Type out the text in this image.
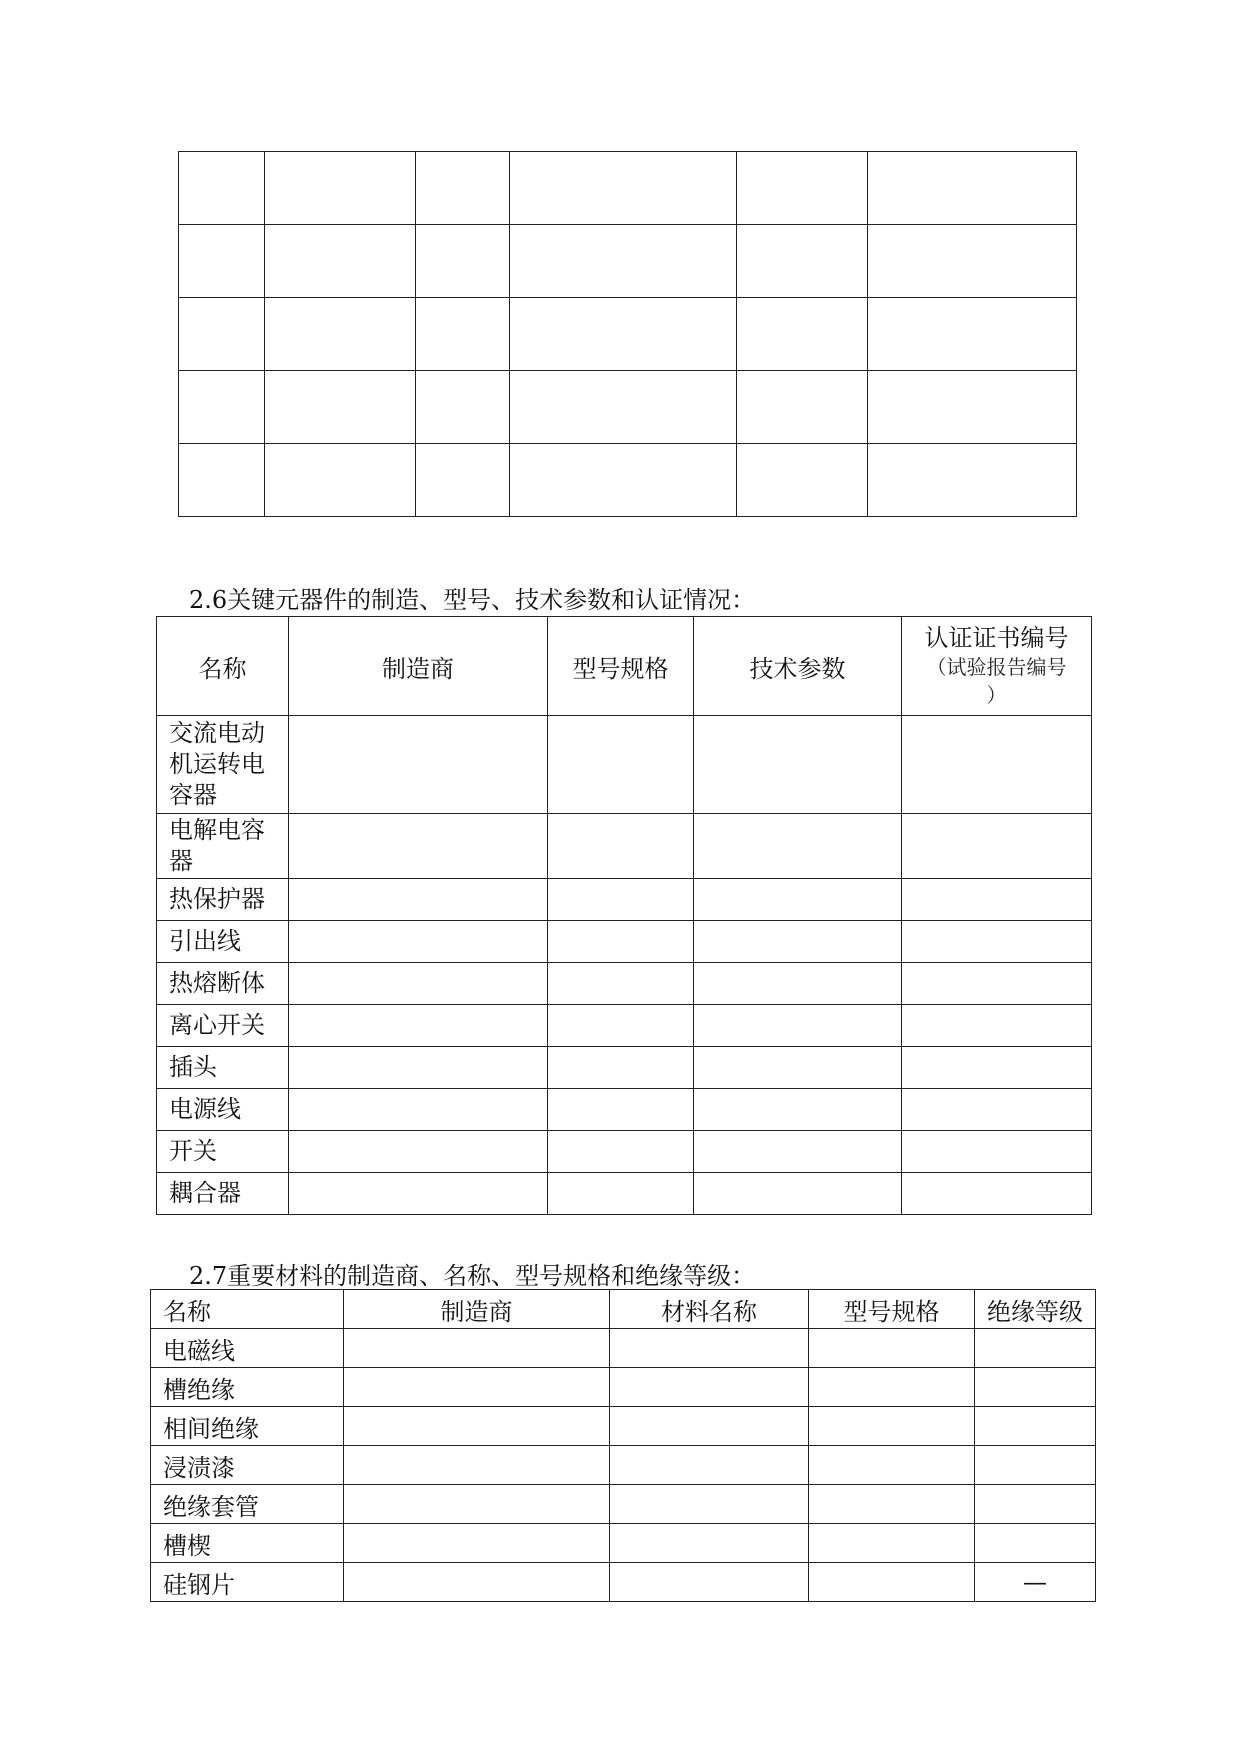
2.6关键元器件的制造、型号、技术参数和认证情况：

名称	制造商	型号规格	技术参数	认证证书编号
（试验报告编号
）

交流电动机运转电容器				
电解电容器				
热保护器				
引出线				
热熔断体				
离心开关				
插头				
电源线				
开关				
耦合器				

2.7重要材料的制造商、名称、型号规格和绝缘等级：

名称	制造商	材料名称	型号规格	绝缘等级
电磁线				
槽绝缘				
相间绝缘				
浸渍漆				
绝缘套管				
槽楔				
硅钢片				—
